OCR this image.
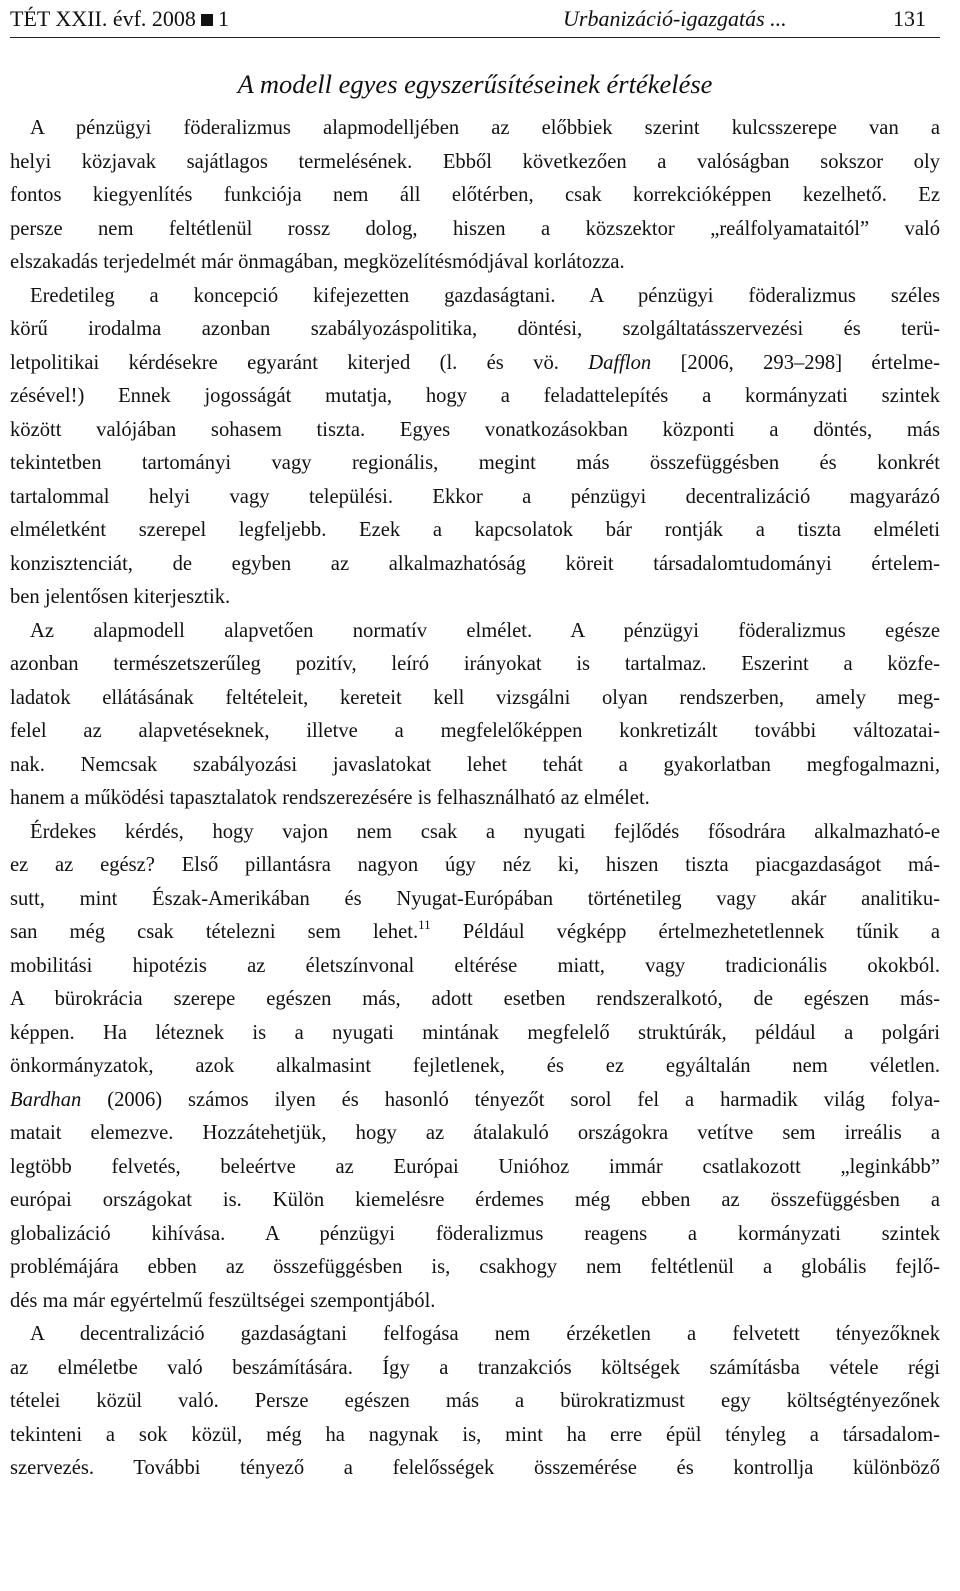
TÉT XXII. évf. 2008 1	Urbanizáció-igazgatás ...	131
A modell egyes egyszerűsítéseinek értékelése
A pénzügyi föderalizmus alapmodelljében az előbbiek szerint kulcsszerepe van a
helyi közjavak sajátlagos termelésének. Ebből következően a valóságban sokszor oly
fontos kiegyenlítés funkciója nem áll előtérben, csak korrekcióképpen kezelhető. Ez
persze nem feltétlenül rossz dolog, hiszen a közszektor „reálfolyamataitól” való
elszakadás terjedelmét már önmagában, megközelítésmódjával korlátozza.
Eredetileg a koncepció kifejezetten gazdaságtani. A pénzügyi föderalizmus széles
körű irodalma azonban szabályozáspolitika, döntési, szolgáltatásszervezési és terü-
letpolitikai kérdésekre egyaránt kiterjed (l. és vö. Dafflon [2006, 293–298] értelme-
zésével!) Ennek jogosságát mutatja, hogy a feladattelepítés a kormányzati szintek
között valójában sohasem tiszta. Egyes vonatkozásokban központi a döntés, más
tekintetben tartományi vagy regionális, megint más összefüggésben és konkrét
tartalommal helyi vagy települési. Ekkor a pénzügyi decentralizáció magyarázó
elméletként szerepel legfeljebb. Ezek a kapcsolatok bár rontják a tiszta elméleti
konzisztenciát, de egyben az alkalmazhatóság köreit társadalomtudományi értelem-
ben jelentősen kiterjesztik.
Az alapmodell alapvetően normatív elmélet. A pénzügyi föderalizmus egésze
azonban természetszerűleg pozitív, leíró irányokat is tartalmaz. Eszerint a közfe-
ladatok ellátásának feltételeit, kereteit kell vizsgálni olyan rendszerben, amely meg-
felel az alapvetéseknek, illetve a megfelelőképpen konkretizált további változatai-
nak. Nemcsak szabályozási javaslatokat lehet tehát a gyakorlatban megfogalmazni,
hanem a működési tapasztalatok rendszerezésére is felhasználható az elmélet.
Érdekes kérdés, hogy vajon nem csak a nyugati fejlődés fősodrára alkalmazható-e
ez az egész? Első pillantásra nagyon úgy néz ki, hiszen tiszta piacgazdaságot má-
sutt, mint Észak-Amerikában és Nyugat-Európában történetileg vagy akár analitiku-
san még csak tételezni sem lehet.$^{11}$ Például végképp értelmezhetetlennek tűnik a
mobilitási hipotézis az életszínvonal eltérése miatt, vagy tradicionális okokból.
A bürokrácia szerepe egészen más, adott esetben rendszeralkotó, de egészen más-
képpen. Ha léteznek is a nyugati mintának megfelelő struktúrák, például a polgári
önkormányzatok, azok alkalmasint fejletlenek, és ez egyáltalán nem véletlen.
Bardhan (2006) számos ilyen és hasonló tényezőt sorol fel a harmadik világ folya-
matait elemezve. Hozzátehetjük, hogy az átalakuló országokra vetítve sem irreális a
legtöbb felvetés, beleértve az Európai Unióhoz immár csatlakozott „leginkább”
európai országokat is. Külön kiemelésre érdemes még ebben az összefüggésben a
globalizáció kihívása. A pénzügyi föderalizmus reagens a kormányzati szintek
problémájára ebben az összefüggésben is, csakhogy nem feltétlenül a globális fejlő-
dés ma már egyértelmű feszültségei szempontjából.
A decentralizáció gazdaságtani felfogása nem érzéketlen a felvetett tényezőknek
az elméletbe való beszámítására. Így a tranzakciós költségek számításba vétele régi
tételei közül való. Persze egészen más a bürokratizmust egy költségtényezőnek
tekinteni a sok közül, még ha nagynak is, mint ha erre épül tényleg a társadalom-
szervezés. További tényező a felelősségek összemérése és kontrollja különböző
